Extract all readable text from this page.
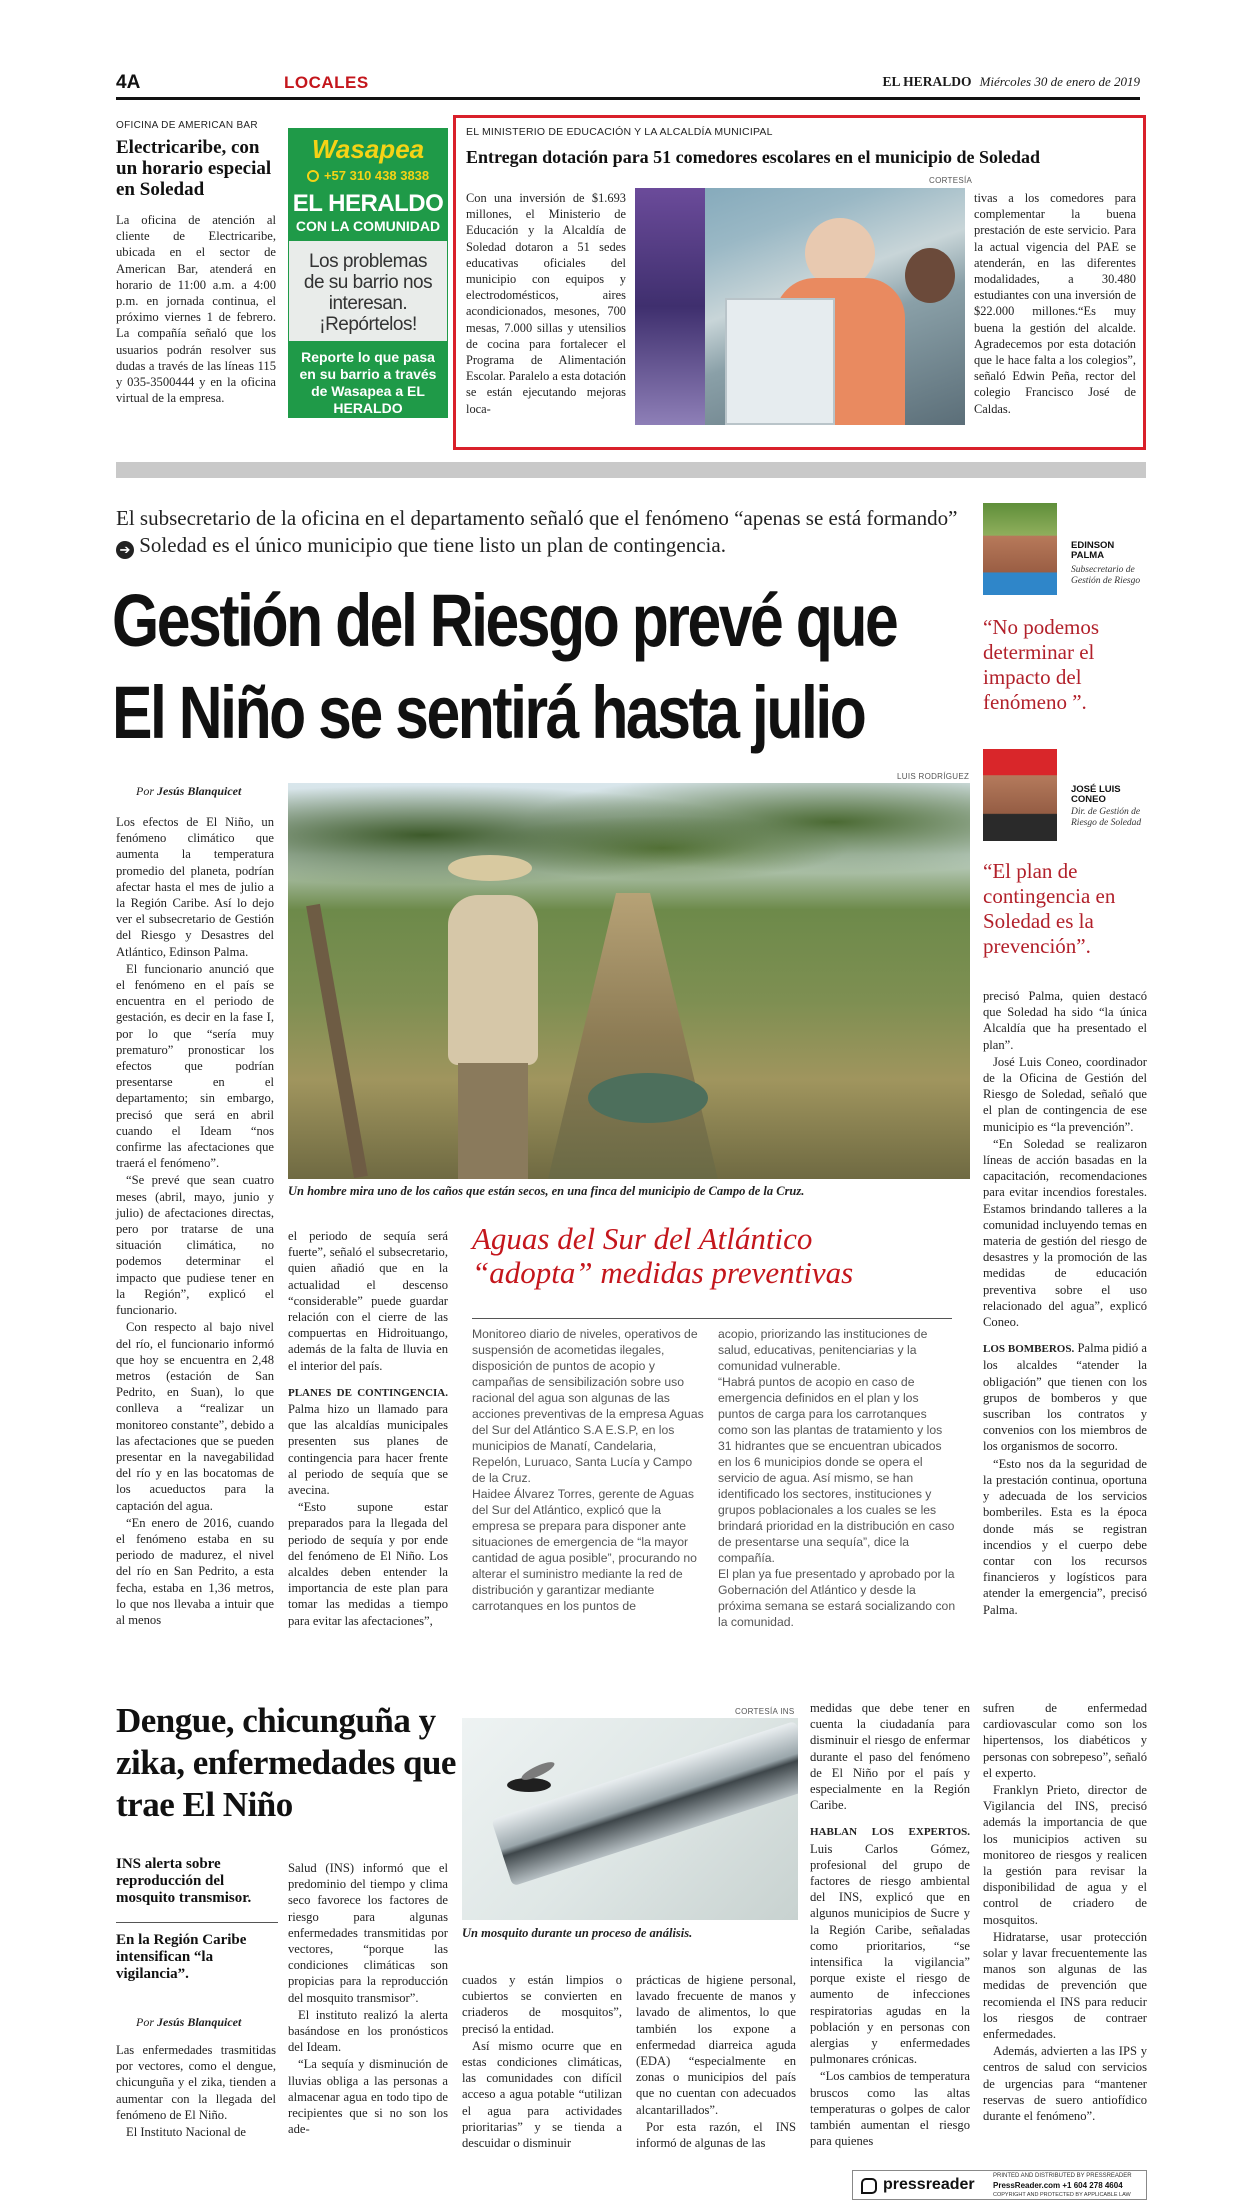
4A	LOCALES	EL HERALDO Miércoles 30 de enero de 2019
OFICINA DE AMERICAN BAR
Electricaribe, con un horario especial en Soledad
La oficina de atención al cliente de Electricaribe, ubicada en el sector de American Bar, atenderá en horario de 11:00 a.m. a 4:00 p.m. en jornada continua, el próximo viernes 1 de febrero. La compañía señaló que los usuarios podrán resolver sus dudas a través de las líneas 115 y 035-3500444 y en la oficina virtual de la empresa.
Wasapea
+57 310 438 3838
EL HERALDO
CON LA COMUNIDAD
Los problemas de su barrio nos interesan. ¡Repórtelos!
Reporte lo que pasa en su barrio a través de Wasapea a EL HERALDO
EL MINISTERIO DE EDUCACIÓN Y LA ALCALDÍA MUNICIPAL
Entregan dotación para 51 comedores escolares en el municipio de Soledad
CORTESÍA
Con una inversión de $1.693 millones, el Ministerio de Educación y la Alcaldía de Soledad dotaron a 51 sedes educativas oficiales del municipio con equipos y electrodomésticos, aires acondicionados, mesones, 700 mesas, 7.000 sillas y utensilios de cocina para fortalecer el Programa de Alimentación Escolar. Paralelo a esta dotación se están ejecutando mejoras loca-
tivas a los comedores para complementar la buena prestación de este servicio. Para la actual vigencia del PAE se atenderán, en las diferentes modalidades, a 30.480 estudiantes con una inversión de $22.000 millones.“Es muy buena la gestión del alcalde. Agradecemos por esta dotación que le hace falta a los colegios”, señaló Edwin Peña, rector del colegio Francisco José de Caldas.
El subsecretario de la oficina en el departamento señaló que el fenómeno “apenas se está formando” ➔ Soledad es el único municipio que tiene listo un plan de contingencia.
Gestión del Riesgo prevé que
El Niño se sentirá hasta julio
Por Jesús Blanquicet
LUIS RODRÍGUEZ
Un hombre mira uno de los caños que están secos, en una finca del municipio de Campo de la Cruz.

Los efectos de El Niño, un fenómeno climático que aumenta la temperatura promedio del planeta, podrían afectar hasta el mes de julio a la Región Caribe. Así lo dejo ver el subsecretario de Gestión del Riesgo y Desastres del Atlántico, Edinson Palma.

El funcionario anunció que el fenómeno en el país se encuentra en el periodo de gestación, es decir en la fase I, por lo que “sería muy prematuro” pronosticar los efectos que podrían presentarse en el departamento; sin embargo, precisó que será en abril cuando el Ideam “nos confirme las afectaciones que traerá el fenómeno”.

“Se prevé que sean cuatro meses (abril, mayo, junio y julio) de afectaciones directas, pero por tratarse de una situación climática, no podemos determinar el impacto que pudiese tener en la Región”, explicó el funcionario.

Con respecto al bajo nivel del río, el funcionario informó que hoy se encuentra en 2,48 metros (estación de San Pedrito, en Suan), lo que conlleva a “realizar un monitoreo constante”, debido a las afectaciones que se pueden presentar en la navegabilidad del río y en las bocatomas de los acueductos para la captación del agua.

“En enero de 2016, cuando el fenómeno estaba en su periodo de madurez, el nivel del río en San Pedrito, a esta fecha, estaba en 1,36 metros, lo que nos llevaba a intuir que al menos

el periodo de sequía será fuerte”, señaló el subsecretario, quien añadió que en la actualidad el descenso “considerable” puede guardar relación con el cierre de las compuertas en Hidroituango, además de la falta de lluvia en el interior del país.

PLANES DE CONTINGENCIA. Palma hizo un llamado para que las alcaldías municipales presenten sus planes de contingencia para hacer frente al periodo de sequía que se avecina.

“Esto supone estar preparados para la llegada del periodo de sequía y por ende del fenómeno de El Niño. Los alcaldes deben entender la importancia de este plan para tomar las medidas a tiempo para evitar las afectaciones”,

Aguas del Sur del Atlántico
“adopta” medidas preventivas
Monitoreo diario de niveles, operativos de suspensión de acometidas ilegales, disposición de puntos de acopio y campañas de sensibilización sobre uso racional del agua son algunas de las acciones preventivas de la empresa Aguas del Sur del Atlántico S.A E.S.P, en los municipios de Manatí, Candelaria, Repelón, Luruaco, Santa Lucía y Campo de la Cruz.
Haidee Álvarez Torres, gerente de Aguas del Sur del Atlántico, explicó que la empresa se prepara para disponer ante situaciones de emergencia de “la mayor cantidad de agua posible”, procurando no alterar el suministro mediante la red de distribución y garantizar mediante carrotanques en los puntos de
acopio, priorizando las instituciones de salud, educativas, penitenciarias y la comunidad vulnerable.
“Habrá puntos de acopio en caso de emergencia definidos en el plan y los puntos de carga para los carrotanques como son las plantas de tratamiento y los 31 hidrantes que se encuentran ubicados en los 6 municipios donde se opera el servicio de agua. Así mismo, se han identificado los sectores, instituciones y grupos poblacionales a los cuales se les brindará prioridad en la distribución en caso de presentarse una sequía”, dice la compañía.
El plan ya fue presentado y aprobado por la Gobernación del Atlántico y desde la próxima semana se estará socializando con la comunidad.
EDINSON PALMA
Subsecretario de Gestión de Riesgo
“No podemos determinar el impacto del fenómeno ”.
JOSÉ LUIS CONEO
Dir. de Gestión de Riesgo de Soledad
“El plan de contingencia en Soledad es la prevención”.

precisó Palma, quien destacó que Soledad ha sido “la única Alcaldía que ha presentado el plan”.

José Luis Coneo, coordinador de la Oficina de Gestión del Riesgo de Soledad, señaló que el plan de contingencia de ese municipio es “la prevención”.

“En Soledad se realizaron líneas de acción basadas en la capacitación, recomendaciones para evitar incendios forestales. Estamos brindando talleres a la comunidad incluyendo temas en materia de gestión del riesgo de desastres y la promoción de las medidas de educación preventiva sobre el uso relacionado del agua”, explicó Coneo.

LOS BOMBEROS. Palma pidió a los alcaldes “atender la obligación” que tienen con los grupos de bomberos y que suscriban los contratos y convenios con los miembros de los organismos de socorro.

“Esto nos da la seguridad de la prestación continua, oportuna y adecuada de los servicios bomberiles. Esta es la época donde más se registran incendios y el cuerpo debe contar con los recursos financieros y logísticos para atender la emergencia”, precisó Palma.

Dengue, chicunguña y zika, enfermedades que trae El Niño
INS alerta sobre reproducción del mosquito transmisor.
En la Región Caribe intensifican “la vigilancia”.
Por Jesús Blanquicet

Las enfermedades trasmitidas por vectores, como el dengue, chicunguña y el zika, tienden a aumentar con la llegada del fenómeno de El Niño.

El Instituto Nacional de

Salud (INS) informó que el predominio del tiempo y clima seco favorece los factores de riesgo para algunas enfermedades transmitidas por vectores, “porque las condiciones climáticas son propicias para la reproducción del mosquito transmisor”.

El instituto realizó la alerta basándose en los pronósticos del Ideam.

“La sequía y disminución de lluvias obliga a las personas a almacenar agua en todo tipo de recipientes que si no son los ade-

CORTESÍA INS
Un mosquito durante un proceso de análisis.

cuados y están limpios o cubiertos se convierten en criaderos de mosquitos”, precisó la entidad.

Así mismo ocurre que en estas condiciones climáticas, las comunidades con difícil acceso a agua potable “utilizan el agua para actividades prioritarias” y se tienda a descuidar o disminuir

prácticas de higiene personal, lavado frecuente de manos y lavado de alimentos, lo que también los expone a enfermedad diarreica aguda (EDA) “especialmente en zonas o municipios del país que no cuentan con adecuados alcantarillados”.

Por esta razón, el INS informó de algunas de las

medidas que debe tener en cuenta la ciudadanía para disminuir el riesgo de enfermar durante el paso del fenómeno de El Niño por el país y especialmente en la Región Caribe.

HABLAN LOS EXPERTOS. Luis Carlos Gómez, profesional del grupo de factores de riesgo ambiental del INS, explicó que en algunos municipios de Sucre y la Región Caribe, señaladas como prioritarios, “se intensifica la vigilancia” porque existe el riesgo de aumento de infecciones respiratorias agudas en la población y en personas con alergias y enfermedades pulmonares crónicas.

“Los cambios de temperatura bruscos como las altas temperaturas o golpes de calor también aumentan el riesgo para quienes

sufren de enfermedad cardiovascular como son los hipertensos, los diabéticos y personas con sobrepeso”, señaló el experto.

Franklyn Prieto, director de Vigilancia del INS, precisó además la importancia de que los municipios activen su monitoreo de riesgos y realicen la gestión para revisar la disponibilidad de agua y el control de criadero de mosquitos.

Hidratarse, usar protección solar y lavar frecuentemente las manos son algunas de las medidas de prevención que recomienda el INS para reducir los riesgos de contraer enfermedades.

Además, advierten a las IPS y centros de salud con servicios de urgencias para “mantener reservas de suero antiofídico durante el fenómeno”.

pressreader	PRINTED AND DISTRIBUTED BY PRESSREADER
PressReader.com +1 604 278 4604
COPYRIGHT AND PROTECTED BY APPLICABLE LAW
